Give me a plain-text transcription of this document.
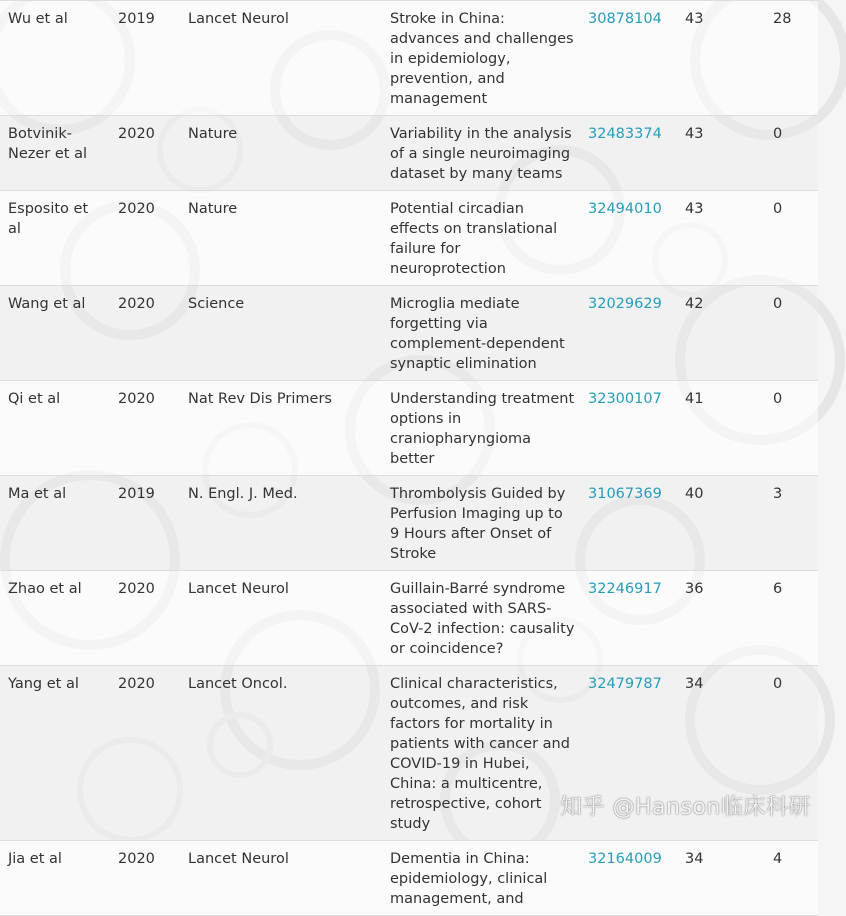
Wu et al	2019	Lancet Neurol	Stroke in China: advances and challenges in epidemiology, prevention, and management	30878104	43	28
Botvinik-Nezer et al	2020	Nature	Variability in the analysis of a single neuroimaging dataset by many teams	32483374	43	0
Esposito et al	2020	Nature	Potential circadian effects on translational failure for neuroprotection	32494010	43	0
Wang et al	2020	Science	Microglia mediate forgetting via complement-dependent synaptic elimination	32029629	42	0
Qi et al	2020	Nat Rev Dis Primers	Understanding treatment options in craniopharyngioma better	32300107	41	0
Ma et al	2019	N. Engl. J. Med.	Thrombolysis Guided by Perfusion Imaging up to 9 Hours after Onset of Stroke	31067369	40	3
Zhao et al	2020	Lancet Neurol	Guillain-Barré syndrome associated with SARS-CoV-2 infection: causality or coincidence?	32246917	36	6
Yang et al	2020	Lancet Oncol.	Clinical characteristics, outcomes, and risk factors for mortality in patients with cancer and COVID-19 in Hubei, China: a multicentre, retrospective, cohort study	32479787	34	0
Jia et al	2020	Lancet Neurol	Dementia in China: epidemiology, clinical management, and	32164009	34	4
知乎 @Hanson临床科研
